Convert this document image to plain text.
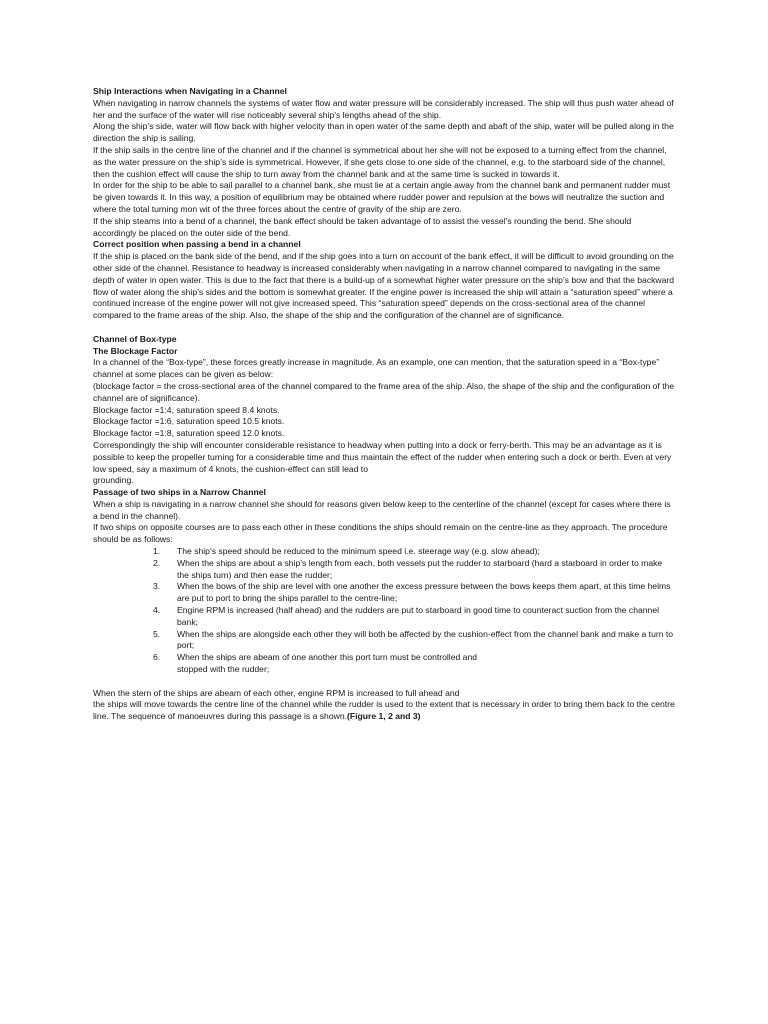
Ship Interactions when Navigating in a Channel
When navigating in narrow channels the systems of water flow and water pressure will be considerably increased. The ship will thus push water ahead of her and the surface of the water will rise noticeably several ship’s lengths ahead of the ship.
Along the ship’s side, water will flow back with higher velocity than in open water of the same depth and abaft of the ship, water will be pulled along in the direction the ship is sailing.
If the ship sails in the centre line of the channel and if the channel is symmetrical about her she will not be exposed to a turning effect from the channel, as the water pressure on the ship’s side is symmetrical. However, if she gets close to one side of the channel, e.g. to the starboard side of the channel, then the cushion effect will cause the ship to turn away from the channel bank and at the same time is sucked in towards it.
In order for the ship to be able to sail parallel to a channel bank, she must lie at a certain angle away from the channel bank and permanent rudder must be given towards it. In this way, a position of equilibrium may be obtained where rudder power and repulsion at the bows will neutralize the suction and where the total turning mon wit of the three forces about the centre of gravity of the ship are zero.
If the ship steams into a bend of a channel, the bank effect should be taken advantage of to assist the vessel’s rounding the bend. She should accordingly be placed on the outer side of the bend.
Correct position when passing a bend in a channel
If the ship is placed on the bank side of the bend, and if the ship goes into a turn on account of the bank effect, it will be difficult to avoid grounding on the other side of the channel. Resistance to headway is increased considerably when navigating in a narrow channel compared to navigating in the same depth of water in open water. This is due to the fact that there is a build-up of a somewhat higher water pressure on the ship’s bow and that the backward flow of water along the ship’s sides and the bottom is somewhat greater. If the engine power is increased the ship will attain a “saturation speed” where a continued increase of the engine power will not give increased speed. This “saturation speed” depends on the cross-sectional area of the channel compared to the frame areas of the ship. Also, the shape of the ship and the configuration of the channel are of significance.
Channel of Box-type
The Blockage Factor
In a channel of the “Box-type”, these forces greatly increase in magnitude. As an example, one can mention, that the saturation speed in a “Box-type” channel at some places can be given as below:
(blockage factor = the cross-sectional area of the channel compared to the frame area of the ship. Also, the shape of the ship and the configuration of the channel are of significance).
Blockage factor =1:4, saturation speed 8.4 knots.
Blockage factor =1:6, saturation speed 10.5 knots.
Blockage factor =1:8, saturation speed 12.0 knots.
Correspondingly the ship will encounter considerable resistance to headway when putting into a dock or ferry-berth. This may be an advantage as it is possible to keep the propeller turning for a considerable time and thus maintain the effect of the rudder when entering such a dock or berth. Even at very low speed, say a maximum of 4 knots, the cushion-effect can still lead to
grounding.
Passage of two ships in a Narrow Channel
When a ship is navigating in a narrow channel she should for reasons given below keep to the centerline of the channel (except for cases where there is a bend in the channel).
If two ships on opposite courses are to pass each other in these conditions the ships should remain on the centre-line as they approach. The procedure should be as follows:
1. The ship’s speed should be reduced to the minimum speed i.e. steerage way (e.g. slow ahead);
2. When the ships are about a ship’s length from each, both vessels put the rudder to starboard (hard a starboard in order to make the ships turn) and then ease the rudder;
3. When the bows of the ship are level with one another the excess pressure between the bows keeps them apart, at this time helms are put to port to bring the ships parallel to the centre-line;
4. Engine RPM is increased (half ahead) and the rudders are put to starboard in good time to counteract suction from the channel bank;
5. When the ships are alongside each other they will both be affected by the cushion-effect from the channel bank and make a turn to port;
6. When the ships are abeam of one another this port turn must be controlled and
stopped with the rudder;
When the stern of the ships are abeam of each other, engine RPM is increased to full ahead and
the ships will move towards the centre line of the channel while the rudder is used to the extent that is necessary in order to bring them back to the centre line. The sequence of manoeuvres during this passage is a shown.(Figure 1, 2 and 3)
